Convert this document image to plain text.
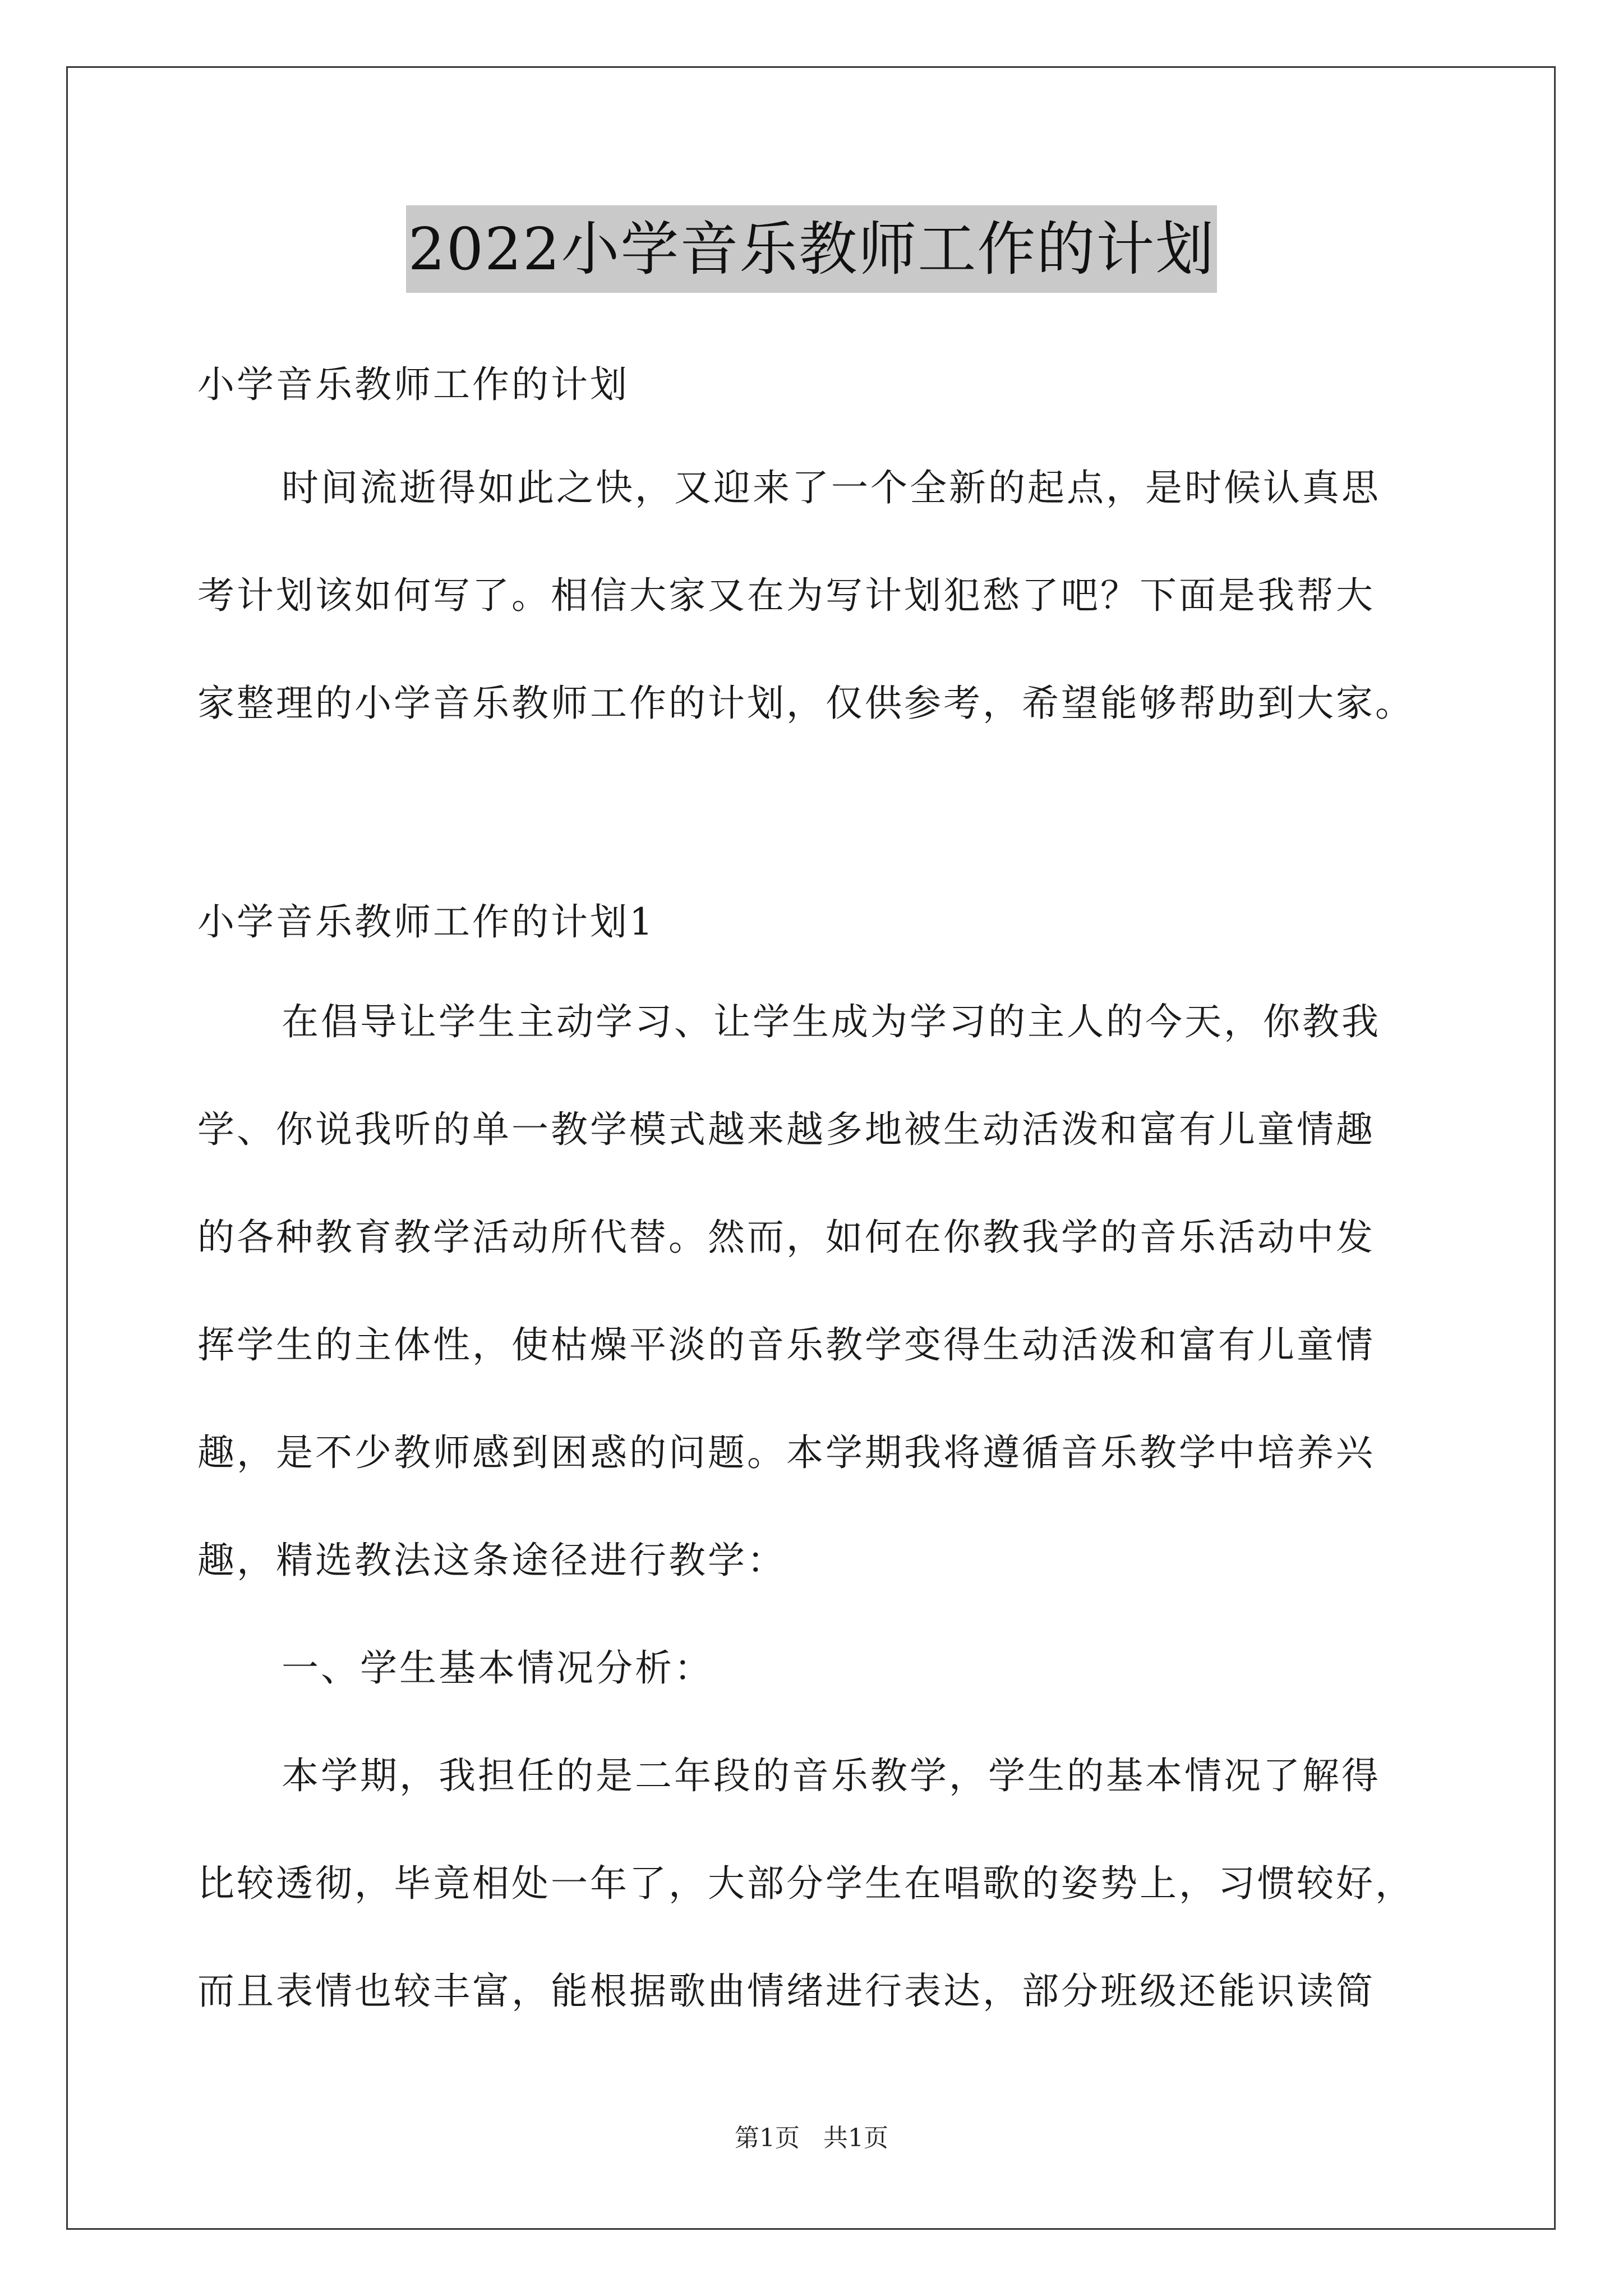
2022小学音乐教师工作的计划
小学音乐教师工作的计划
时间流逝得如此之快，又迎来了一个全新的起点，是时候认真思
考计划该如何写了。相信大家又在为写计划犯愁了吧？下面是我帮大
家整理的小学音乐教师工作的计划，仅供参考，希望能够帮助到大家。
小学音乐教师工作的计划1
在倡导让学生主动学习、让学生成为学习的主人的今天，你教我
学、你说我听的单一教学模式越来越多地被生动活泼和富有儿童情趣
的各种教育教学活动所代替。然而，如何在你教我学的音乐活动中发
挥学生的主体性，使枯燥平淡的音乐教学变得生动活泼和富有儿童情
趣，是不少教师感到困惑的问题。本学期我将遵循音乐教学中培养兴
趣，精选教法这条途径进行教学：
一、学生基本情况分析：
本学期，我担任的是二年段的音乐教学，学生的基本情况了解得
比较透彻，毕竟相处一年了，大部分学生在唱歌的姿势上，习惯较好，
而且表情也较丰富，能根据歌曲情绪进行表达，部分班级还能识读简
第1页 共1页
